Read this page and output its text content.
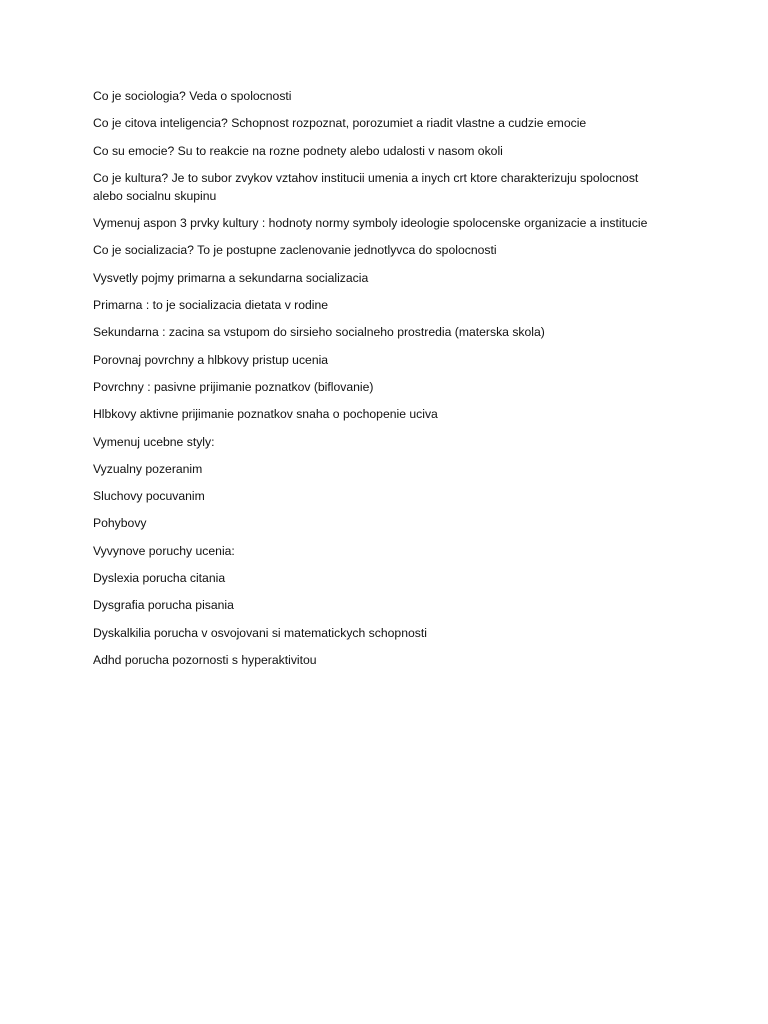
Co je sociologia? Veda o spolocnosti

Co je citova inteligencia? Schopnost rozpoznat, porozumiet a riadit vlastne a cudzie emocie

Co su emocie? Su to reakcie na rozne podnety alebo udalosti v nasom okoli

Co je kultura? Je to subor zvykov vztahov institucii umenia a inych crt ktore charakterizuju spolocnost alebo socialnu skupinu

Vymenuj aspon 3 prvky kultury : hodnoty normy symboly ideologie spolocenske organizacie a institucie

Co je socializacia? To je postupne zaclenovanie jednotlyvca do spolocnosti

Vysvetly pojmy primarna a sekundarna socializacia

Primarna : to je socializacia dietata v rodine

Sekundarna : zacina sa vstupom do sirsieho socialneho prostredia (materska skola)

Porovnaj povrchny a hlbkovy pristup ucenia

Povrchny : pasivne prijimanie poznatkov (biflovanie)

Hlbkovy aktivne prijimanie poznatkov snaha o pochopenie uciva

Vymenuj ucebne styly:

Vyzualny pozeranim

Sluchovy pocuvanim

Pohybovy

Vyvynove poruchy ucenia:

Dyslexia porucha citania

Dysgrafia porucha pisania

Dyskalkilia porucha v osvojovani si matematickych schopnosti

Adhd porucha pozornosti s hyperaktivitou
